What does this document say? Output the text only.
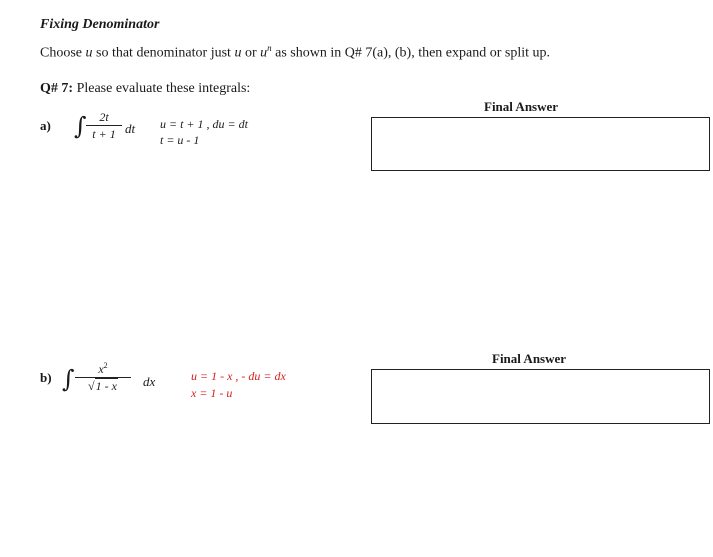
Fixing Denominator
Choose u so that denominator just u or $u^n$ as shown in Q# 7(a), (b), then expand or split up.
Q# 7: Please evaluate these integrals:
Final Answer
a) ∫	2t
t + 1 dt u = t + 1 , du = dt
t = u - 1
Final Answer
b) ∫	$x^2$
√1 - x	dx	u = 1 - x , - du = dx
x = 1 - u
